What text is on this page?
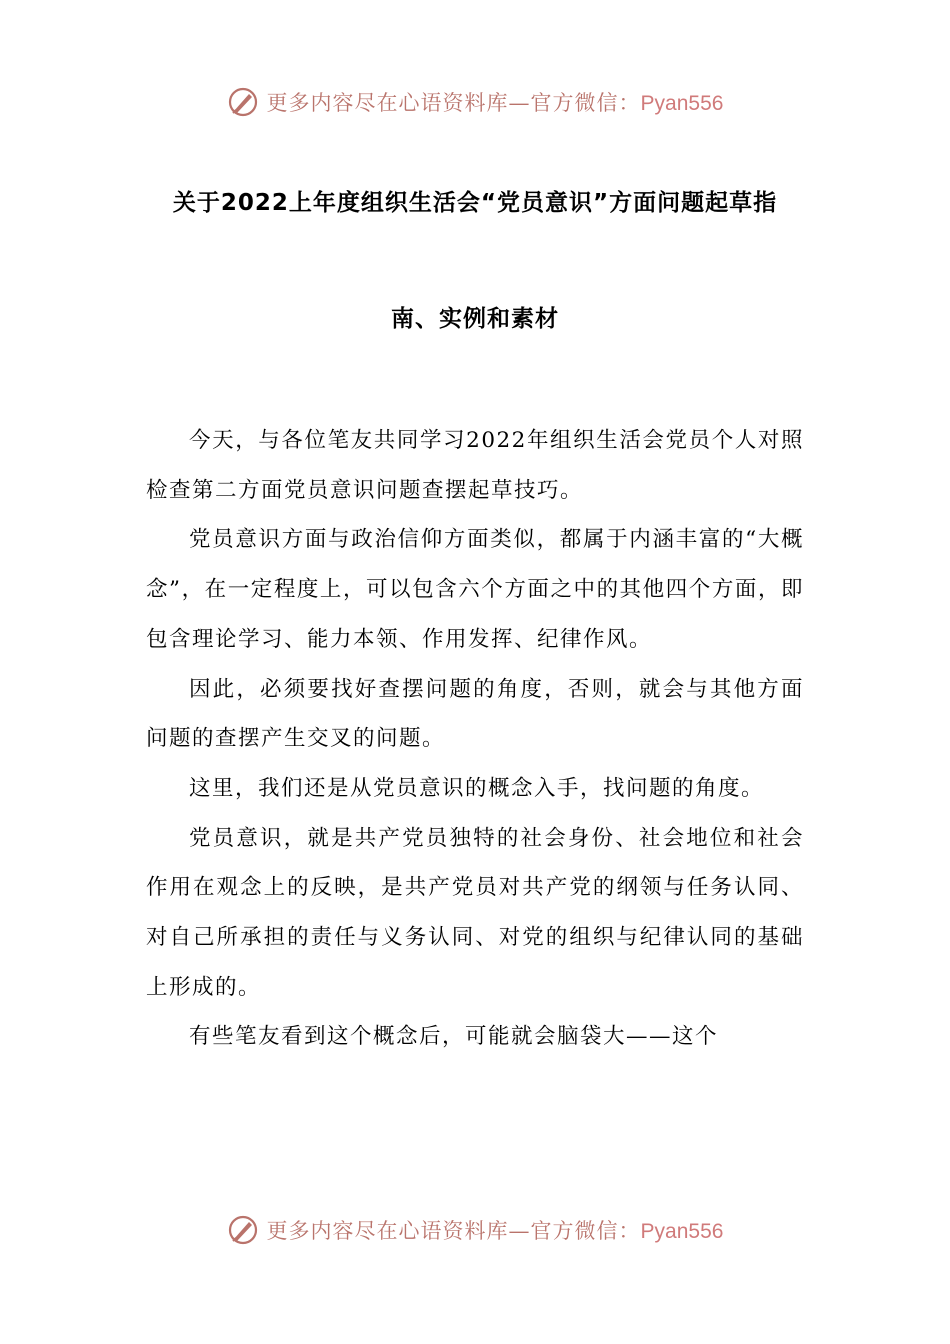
更多内容尽在心语资料库—官方微信：Pyan556
关于2022上年度组织生活会“党员意识”方面问题起草指
南、实例和素材

今天，与各位笔友共同学习2022年组织生活会党员个人对照检查第二方面党员意识问题查摆起草技巧。

党员意识方面与政治信仰方面类似，都属于内涵丰富的“大概念”，在一定程度上，可以包含六个方面之中的其他四个方面，即包含理论学习、能力本领、作用发挥、纪律作风。

因此，必须要找好查摆问题的角度，否则，就会与其他方面问题的查摆产生交叉的问题。

这里，我们还是从党员意识的概念入手，找问题的角度。

党员意识，就是共产党员独特的社会身份、社会地位和社会作用在观念上的反映，是共产党员对共产党的纲领与任务认同、对自己所承担的责任与义务认同、对党的组织与纪律认同的基础上形成的。

有些笔友看到这个概念后，可能就会脑袋大——这个

更多内容尽在心语资料库—官方微信：Pyan556
